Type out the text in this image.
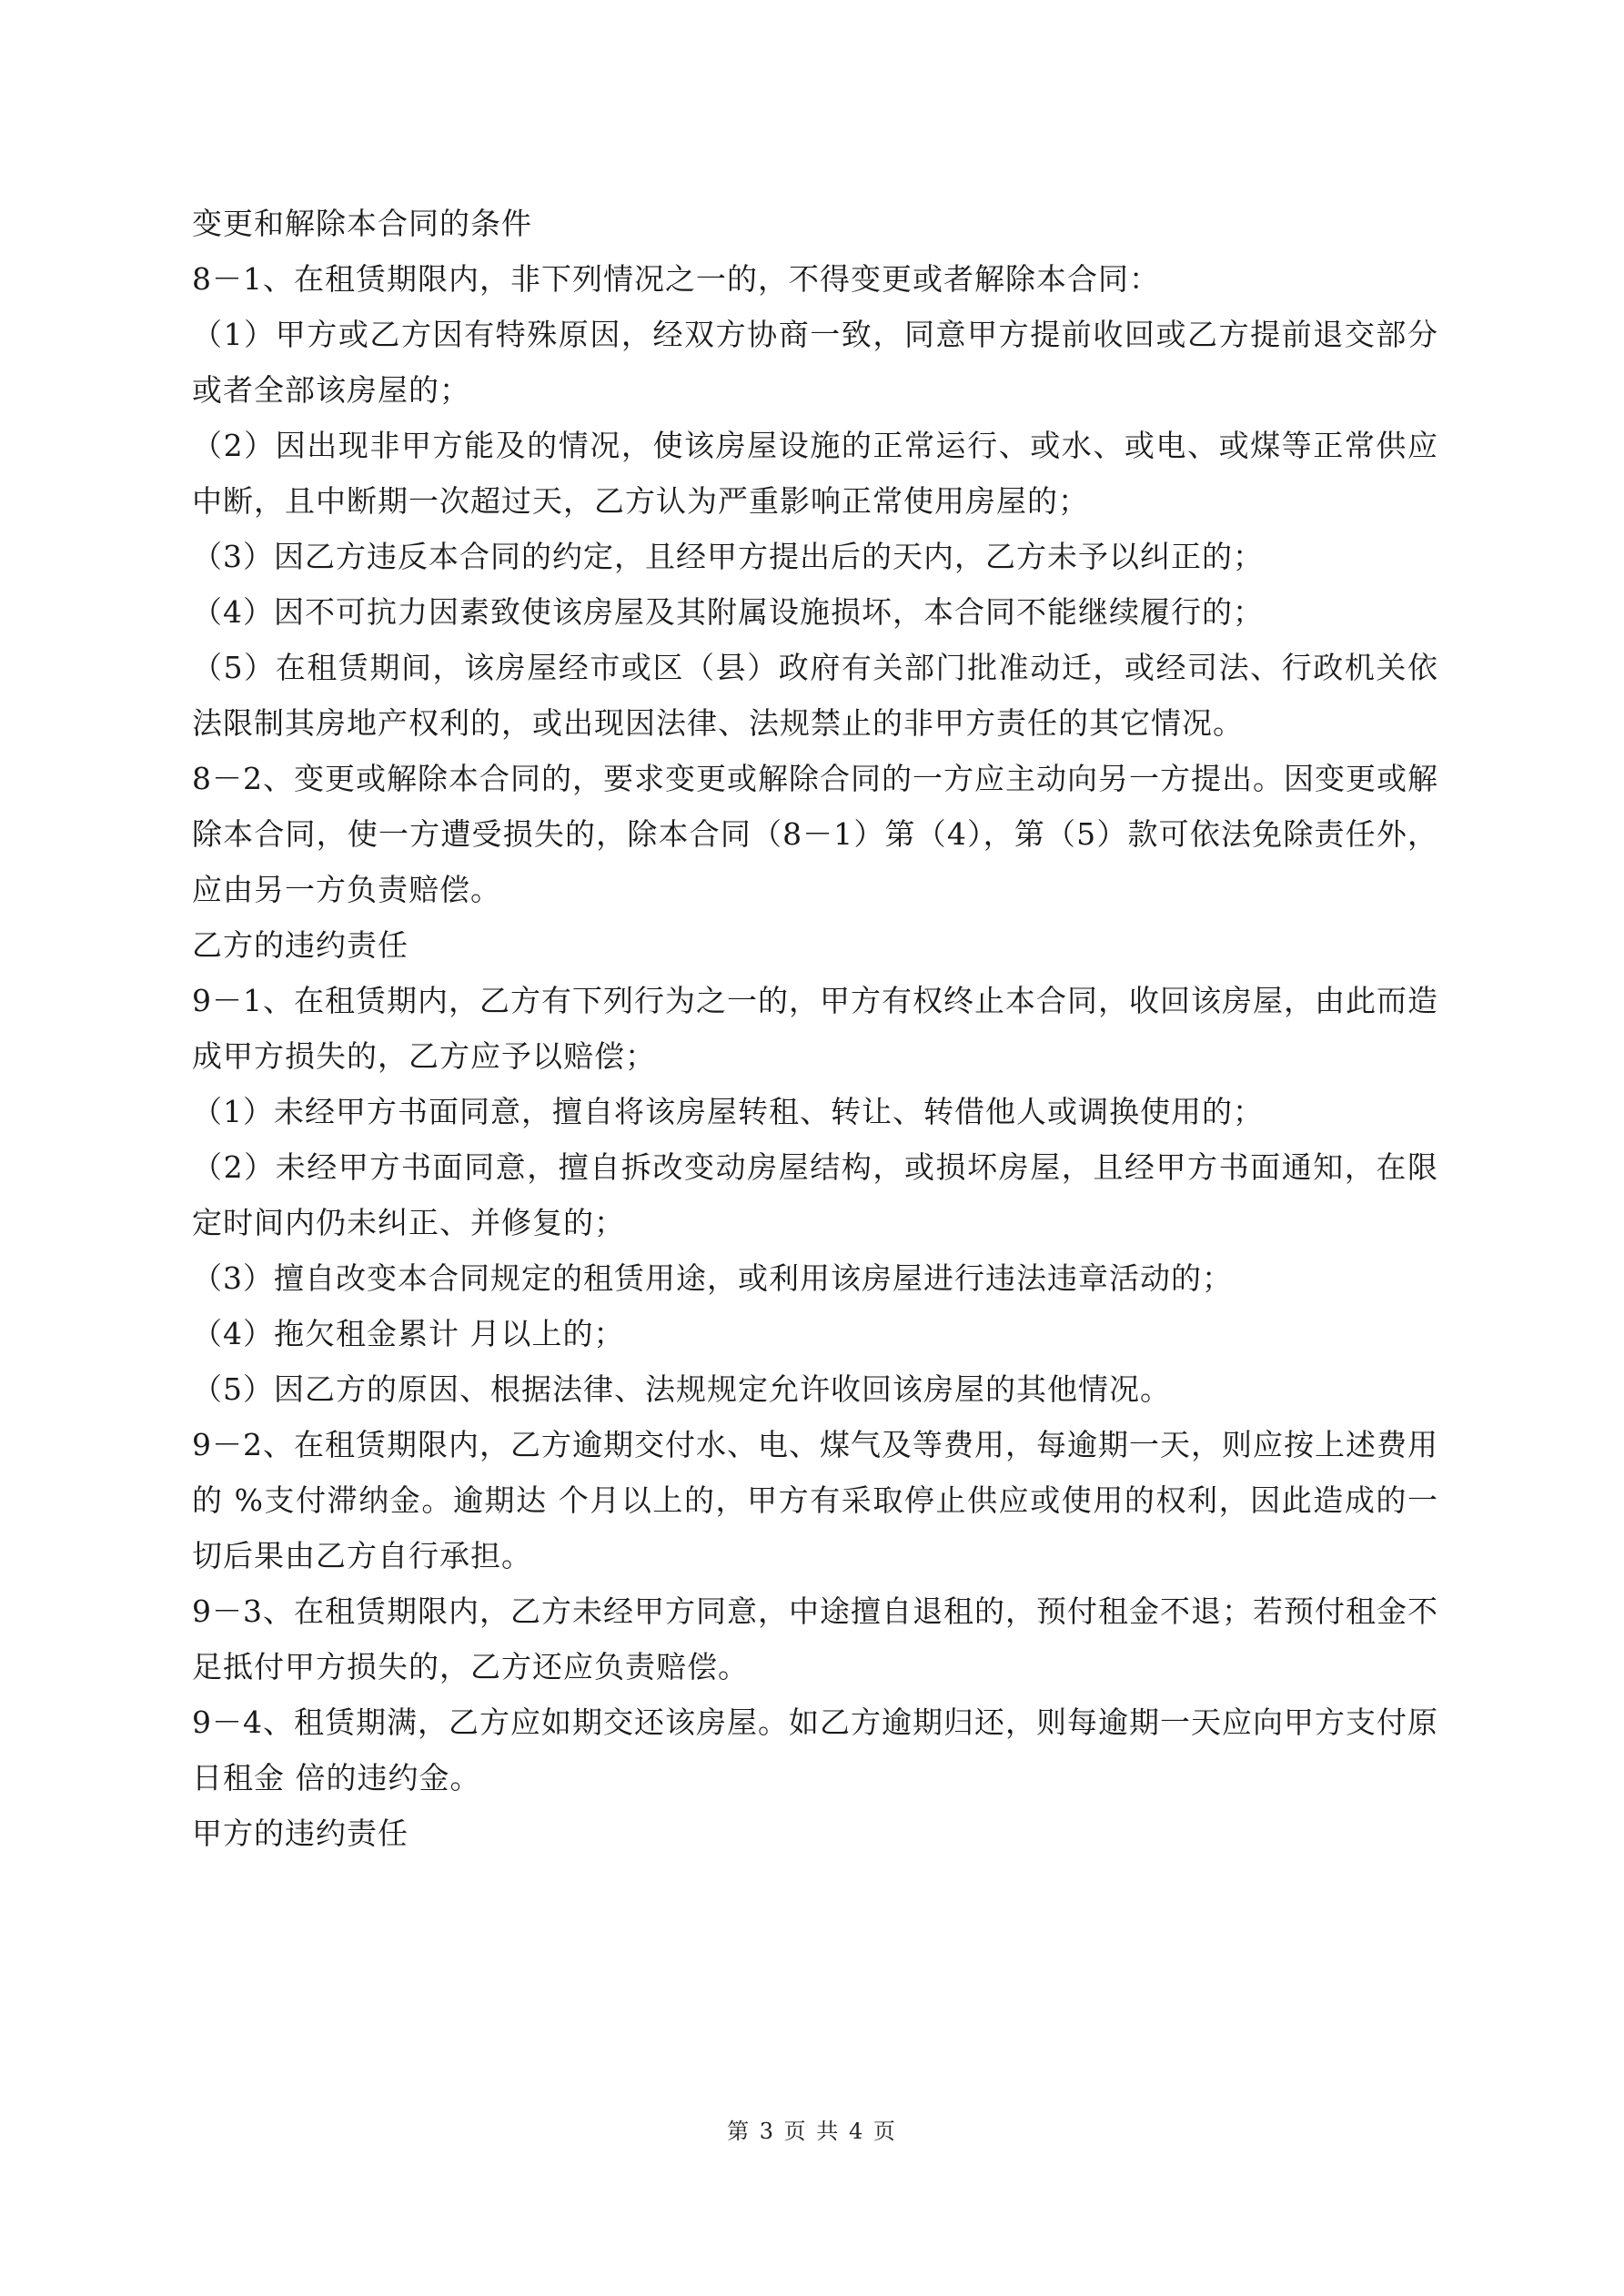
变更和解除本合同的条件

8－1、在租赁期限内，非下列情况之一的，不得变更或者解除本合同：

（1）甲方或乙方因有特殊原因，经双方协商一致，同意甲方提前收回或乙方提前退交部分或者全部该房屋的；

（2）因出现非甲方能及的情况，使该房屋设施的正常运行、或水、或电、或煤等正常供应中断，且中断期一次超过天，乙方认为严重影响正常使用房屋的；

（3）因乙方违反本合同的约定，且经甲方提出后的天内，乙方未予以纠正的；

（4）因不可抗力因素致使该房屋及其附属设施损坏，本合同不能继续履行的；

（5）在租赁期间，该房屋经市或区（县）政府有关部门批准动迁，或经司法、行政机关依法限制其房地产权利的，或出现因法律、法规禁止的非甲方责任的其它情况。

8－2、变更或解除本合同的，要求变更或解除合同的一方应主动向另一方提出。因变更或解除本合同，使一方遭受损失的，除本合同（8－1）第（4），第（5）款可依法免除责任外，应由另一方负责赔偿。

乙方的违约责任

9－1、在租赁期内，乙方有下列行为之一的，甲方有权终止本合同，收回该房屋，由此而造成甲方损失的，乙方应予以赔偿；

（1）未经甲方书面同意，擅自将该房屋转租、转让、转借他人或调换使用的；

（2）未经甲方书面同意，擅自拆改变动房屋结构，或损坏房屋，且经甲方书面通知，在限定时间内仍未纠正、并修复的；

（3）擅自改变本合同规定的租赁用途，或利用该房屋进行违法违章活动的；

（4）拖欠租金累计 月以上的；

（5）因乙方的原因、根据法律、法规规定允许收回该房屋的其他情况。

9－2、在租赁期限内，乙方逾期交付水、电、煤气及等费用，每逾期一天，则应按上述费用的 %支付滞纳金。逾期达 个月以上的，甲方有采取停止供应或使用的权利，因此造成的一切后果由乙方自行承担。

9－3、在租赁期限内，乙方未经甲方同意，中途擅自退租的，预付租金不退；若预付租金不足抵付甲方损失的，乙方还应负责赔偿。

9－4、租赁期满，乙方应如期交还该房屋。如乙方逾期归还，则每逾期一天应向甲方支付原日租金 倍的违约金。

甲方的违约责任

第 3 页 共 4 页
